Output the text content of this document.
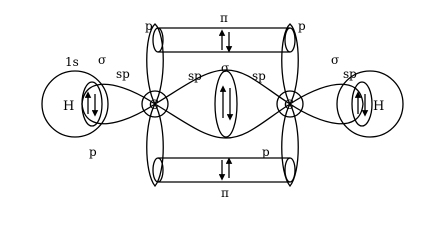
H	C	C	H
π
π
p	p
p	p
1s σ
σ
σ
sp	sp	sp	sp
